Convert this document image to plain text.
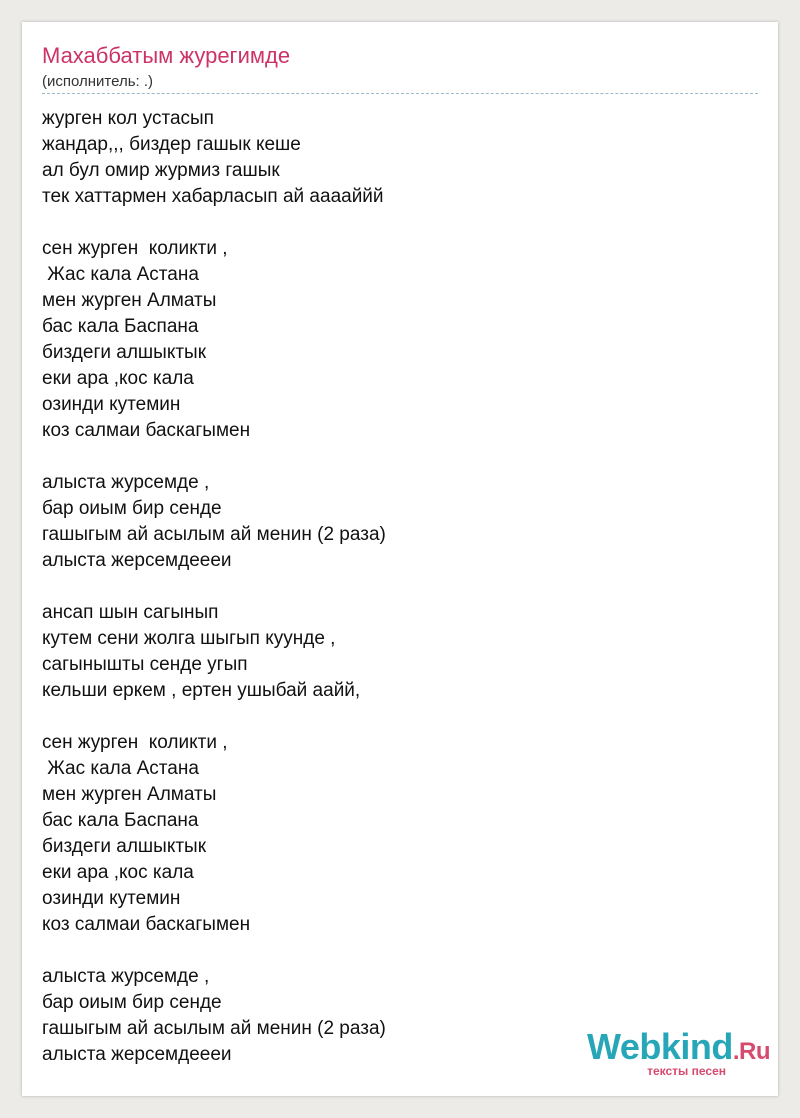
Махаббатым журегимде
(исполнитель: .)
журген кол устасып
жандар,,, биздер гашык кеше
ал бул омир журмиз гашык
тек хаттармен хабарласып ай ааааййй
сен журген  коликти ,
Жас кала Астана
мен журген Алматы
бас кала Баспана
биздеги алшыктык
еки ара ,кос кала
озинди кутемин
коз салмаи баскагымен
алыста журсемде ,
бар оиым бир сенде
гашыгым ай асылым ай менин (2 раза)
алыста жерсемдеееи
ансап шын сагынып
кутем сени жолга шыгып куунде ,
сагынышты сенде угып
кельши еркем , ертен ушыбай аайй,
сен журген  коликти ,
Жас кала Астана
мен журген Алматы
бас кала Баспана
биздеги алшыктык
еки ара ,кос кала
озинди кутемин
коз салмаи баскагымен
алыста журсемде ,
бар оиым бир сенде
гашыгым ай асылым ай менин (2 раза)
алыста жерсемдеееи	Webkind.Ru
тексты песен
